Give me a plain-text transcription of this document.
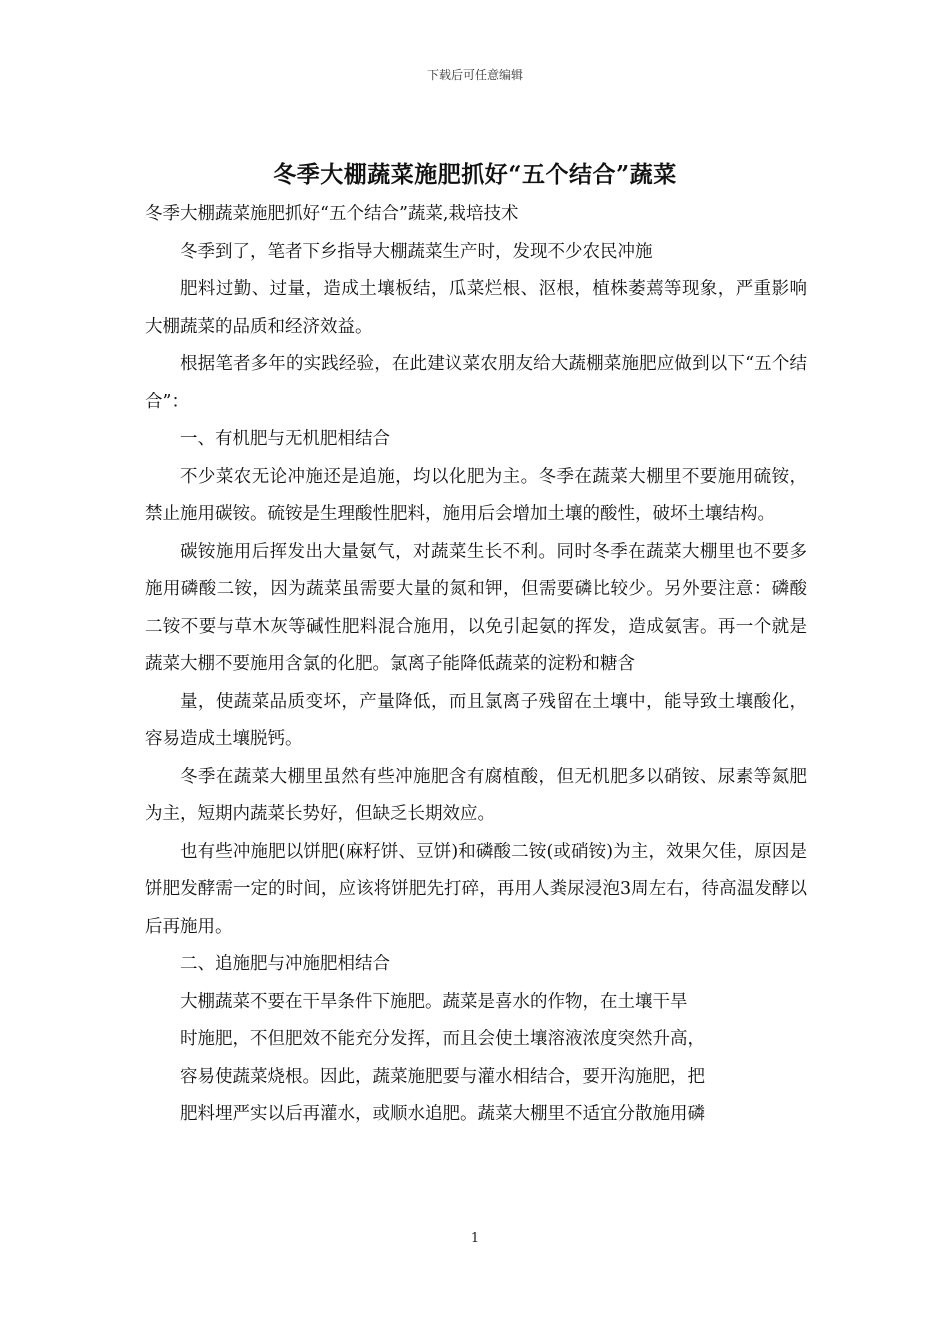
下载后可任意编辑
冬季大棚蔬菜施肥抓好“五个结合”蔬菜

冬季大棚蔬菜施肥抓好“五个结合”蔬菜,栽培技术

冬季到了，笔者下乡指导大棚蔬菜生产时，发现不少农民冲施

肥料过勤、过量，造成土壤板结，瓜菜烂根、沤根，植株萎蔫等现象，严重影响大棚蔬菜的品质和经济效益。

根据笔者多年的实践经验，在此建议菜农朋友给大蔬棚菜施肥应做到以下“五个结合”：

一、有机肥与无机肥相结合

不少菜农无论冲施还是追施，均以化肥为主。冬季在蔬菜大棚里不要施用硫铵，禁止施用碳铵。硫铵是生理酸性肥料，施用后会增加土壤的酸性，破坏土壤结构。

碳铵施用后挥发出大量氨气，对蔬菜生长不利。同时冬季在蔬菜大棚里也不要多施用磷酸二铵，因为蔬菜虽需要大量的氮和钾，但需要磷比较少。另外要注意：磷酸二铵不要与草木灰等碱性肥料混合施用，以免引起氨的挥发，造成氨害。再一个就是蔬菜大棚不要施用含氯的化肥。氯离子能降低蔬菜的淀粉和糖含

量，使蔬菜品质变坏，产量降低，而且氯离子残留在土壤中，能导致土壤酸化，容易造成土壤脱钙。

冬季在蔬菜大棚里虽然有些冲施肥含有腐植酸，但无机肥多以硝铵、尿素等氮肥为主，短期内蔬菜长势好，但缺乏长期效应。

也有些冲施肥以饼肥(麻籽饼、豆饼)和磷酸二铵(或硝铵)为主，效果欠佳，原因是饼肥发酵需一定的时间，应该将饼肥先打碎，再用人粪尿浸泡3周左右，待高温发酵以后再施用。

二、追施肥与冲施肥相结合

大棚蔬菜不要在干旱条件下施肥。蔬菜是喜水的作物，在土壤干旱

时施肥，不但肥效不能充分发挥，而且会使土壤溶液浓度突然升高，

容易使蔬菜烧根。因此，蔬菜施肥要与灌水相结合，要开沟施肥，把

肥料埋严实以后再灌水，或顺水追肥。蔬菜大棚里不适宜分散施用磷

1
